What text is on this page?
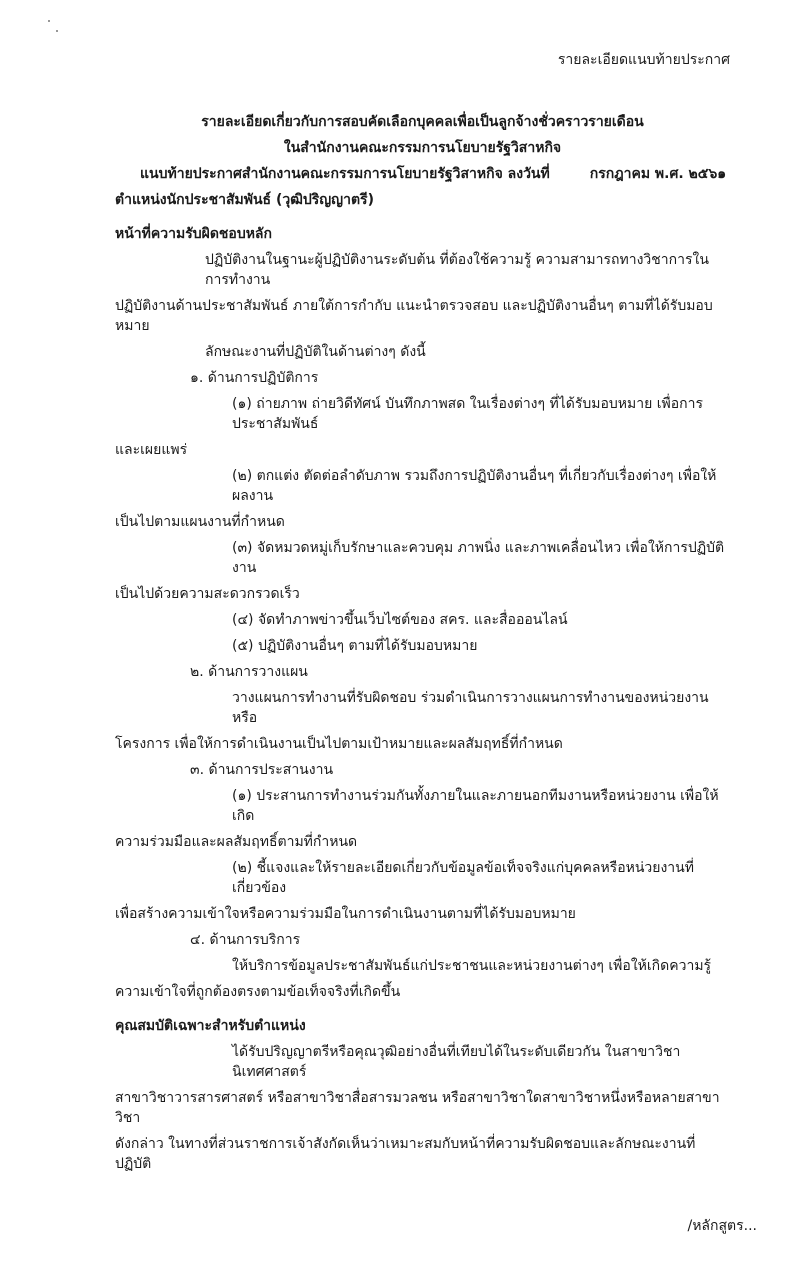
รายละเอียดแนบท้ายประกาศ
รายละเอียดเกี่ยวกับการสอบคัดเลือกบุคคลเพื่อเป็นลูกจ้างชั่วคราวรายเดือน
ในสำนักงานคณะกรรมการนโยบายรัฐวิสาหกิจ
แนบท้ายประกาศสำนักงานคณะกรรมการนโยบายรัฐวิสาหกิจ ลงวันที่	กรกฎาคม พ.ศ. ๒๕๖๑
ตำแหน่งนักประชาสัมพันธ์ (วุฒิปริญญาตรี)
หน้าที่ความรับผิดชอบหลัก
ปฏิบัติงานในฐานะผู้ปฏิบัติงานระดับต้น ที่ต้องใช้ความรู้ ความสามารถทางวิชาการในการทำงาน
ปฏิบัติงานด้านประชาสัมพันธ์ ภายใต้การกำกับ แนะนำตรวจสอบ และปฏิบัติงานอื่นๆ ตามที่ได้รับมอบหมาย
ลักษณะงานที่ปฏิบัติในด้านต่างๆ ดังนี้
๑. ด้านการปฏิบัติการ
(๑) ถ่ายภาพ ถ่ายวิดีทัศน์ บันทึกภาพสด ในเรื่องต่างๆ ที่ได้รับมอบหมาย เพื่อการประชาสัมพันธ์
และเผยแพร่
(๒) ตกแต่ง ตัดต่อลำดับภาพ รวมถึงการปฏิบัติงานอื่นๆ ที่เกี่ยวกับเรื่องต่างๆ เพื่อให้ผลงาน
เป็นไปตามแผนงานที่กำหนด
(๓) จัดหมวดหมู่เก็บรักษาและควบคุม ภาพนิ่ง และภาพเคลื่อนไหว เพื่อให้การปฏิบัติงาน
เป็นไปด้วยความสะดวกรวดเร็ว
(๔) จัดทำภาพข่าวขึ้นเว็บไซต์ของ สคร. และสื่อออนไลน์
(๕) ปฏิบัติงานอื่นๆ ตามที่ได้รับมอบหมาย
๒. ด้านการวางแผน
วางแผนการทำงานที่รับผิดชอบ ร่วมดำเนินการวางแผนการทำงานของหน่วยงานหรือ
โครงการ เพื่อให้การดำเนินงานเป็นไปตามเป้าหมายและผลสัมฤทธิ์ที่กำหนด
๓. ด้านการประสานงาน
(๑) ประสานการทำงานร่วมกันทั้งภายในและภายนอกทีมงานหรือหน่วยงาน เพื่อให้เกิด
ความร่วมมือและผลสัมฤทธิ์ตามที่กำหนด
(๒) ชี้แจงและให้รายละเอียดเกี่ยวกับข้อมูลข้อเท็จจริงแก่บุคคลหรือหน่วยงานที่เกี่ยวข้อง
เพื่อสร้างความเข้าใจหรือความร่วมมือในการดำเนินงานตามที่ได้รับมอบหมาย
๔. ด้านการบริการ
ให้บริการข้อมูลประชาสัมพันธ์แก่ประชาชนและหน่วยงานต่างๆ เพื่อให้เกิดความรู้
ความเข้าใจที่ถูกต้องตรงตามข้อเท็จจริงที่เกิดขึ้น
คุณสมบัติเฉพาะสำหรับตำแหน่ง
ได้รับปริญญาตรีหรือคุณวุฒิอย่างอื่นที่เทียบได้ในระดับเดียวกัน ในสาขาวิชานิเทศศาสตร์
สาขาวิชาวารสารศาสตร์ หรือสาขาวิชาสื่อสารมวลชน หรือสาขาวิชาใดสาขาวิชาหนึ่งหรือหลายสาขาวิชา
ดังกล่าว ในทางที่ส่วนราชการเจ้าสังกัดเห็นว่าเหมาะสมกับหน้าที่ความรับผิดชอบและลักษณะงานที่ปฏิบัติ
/หลักสูตร...
